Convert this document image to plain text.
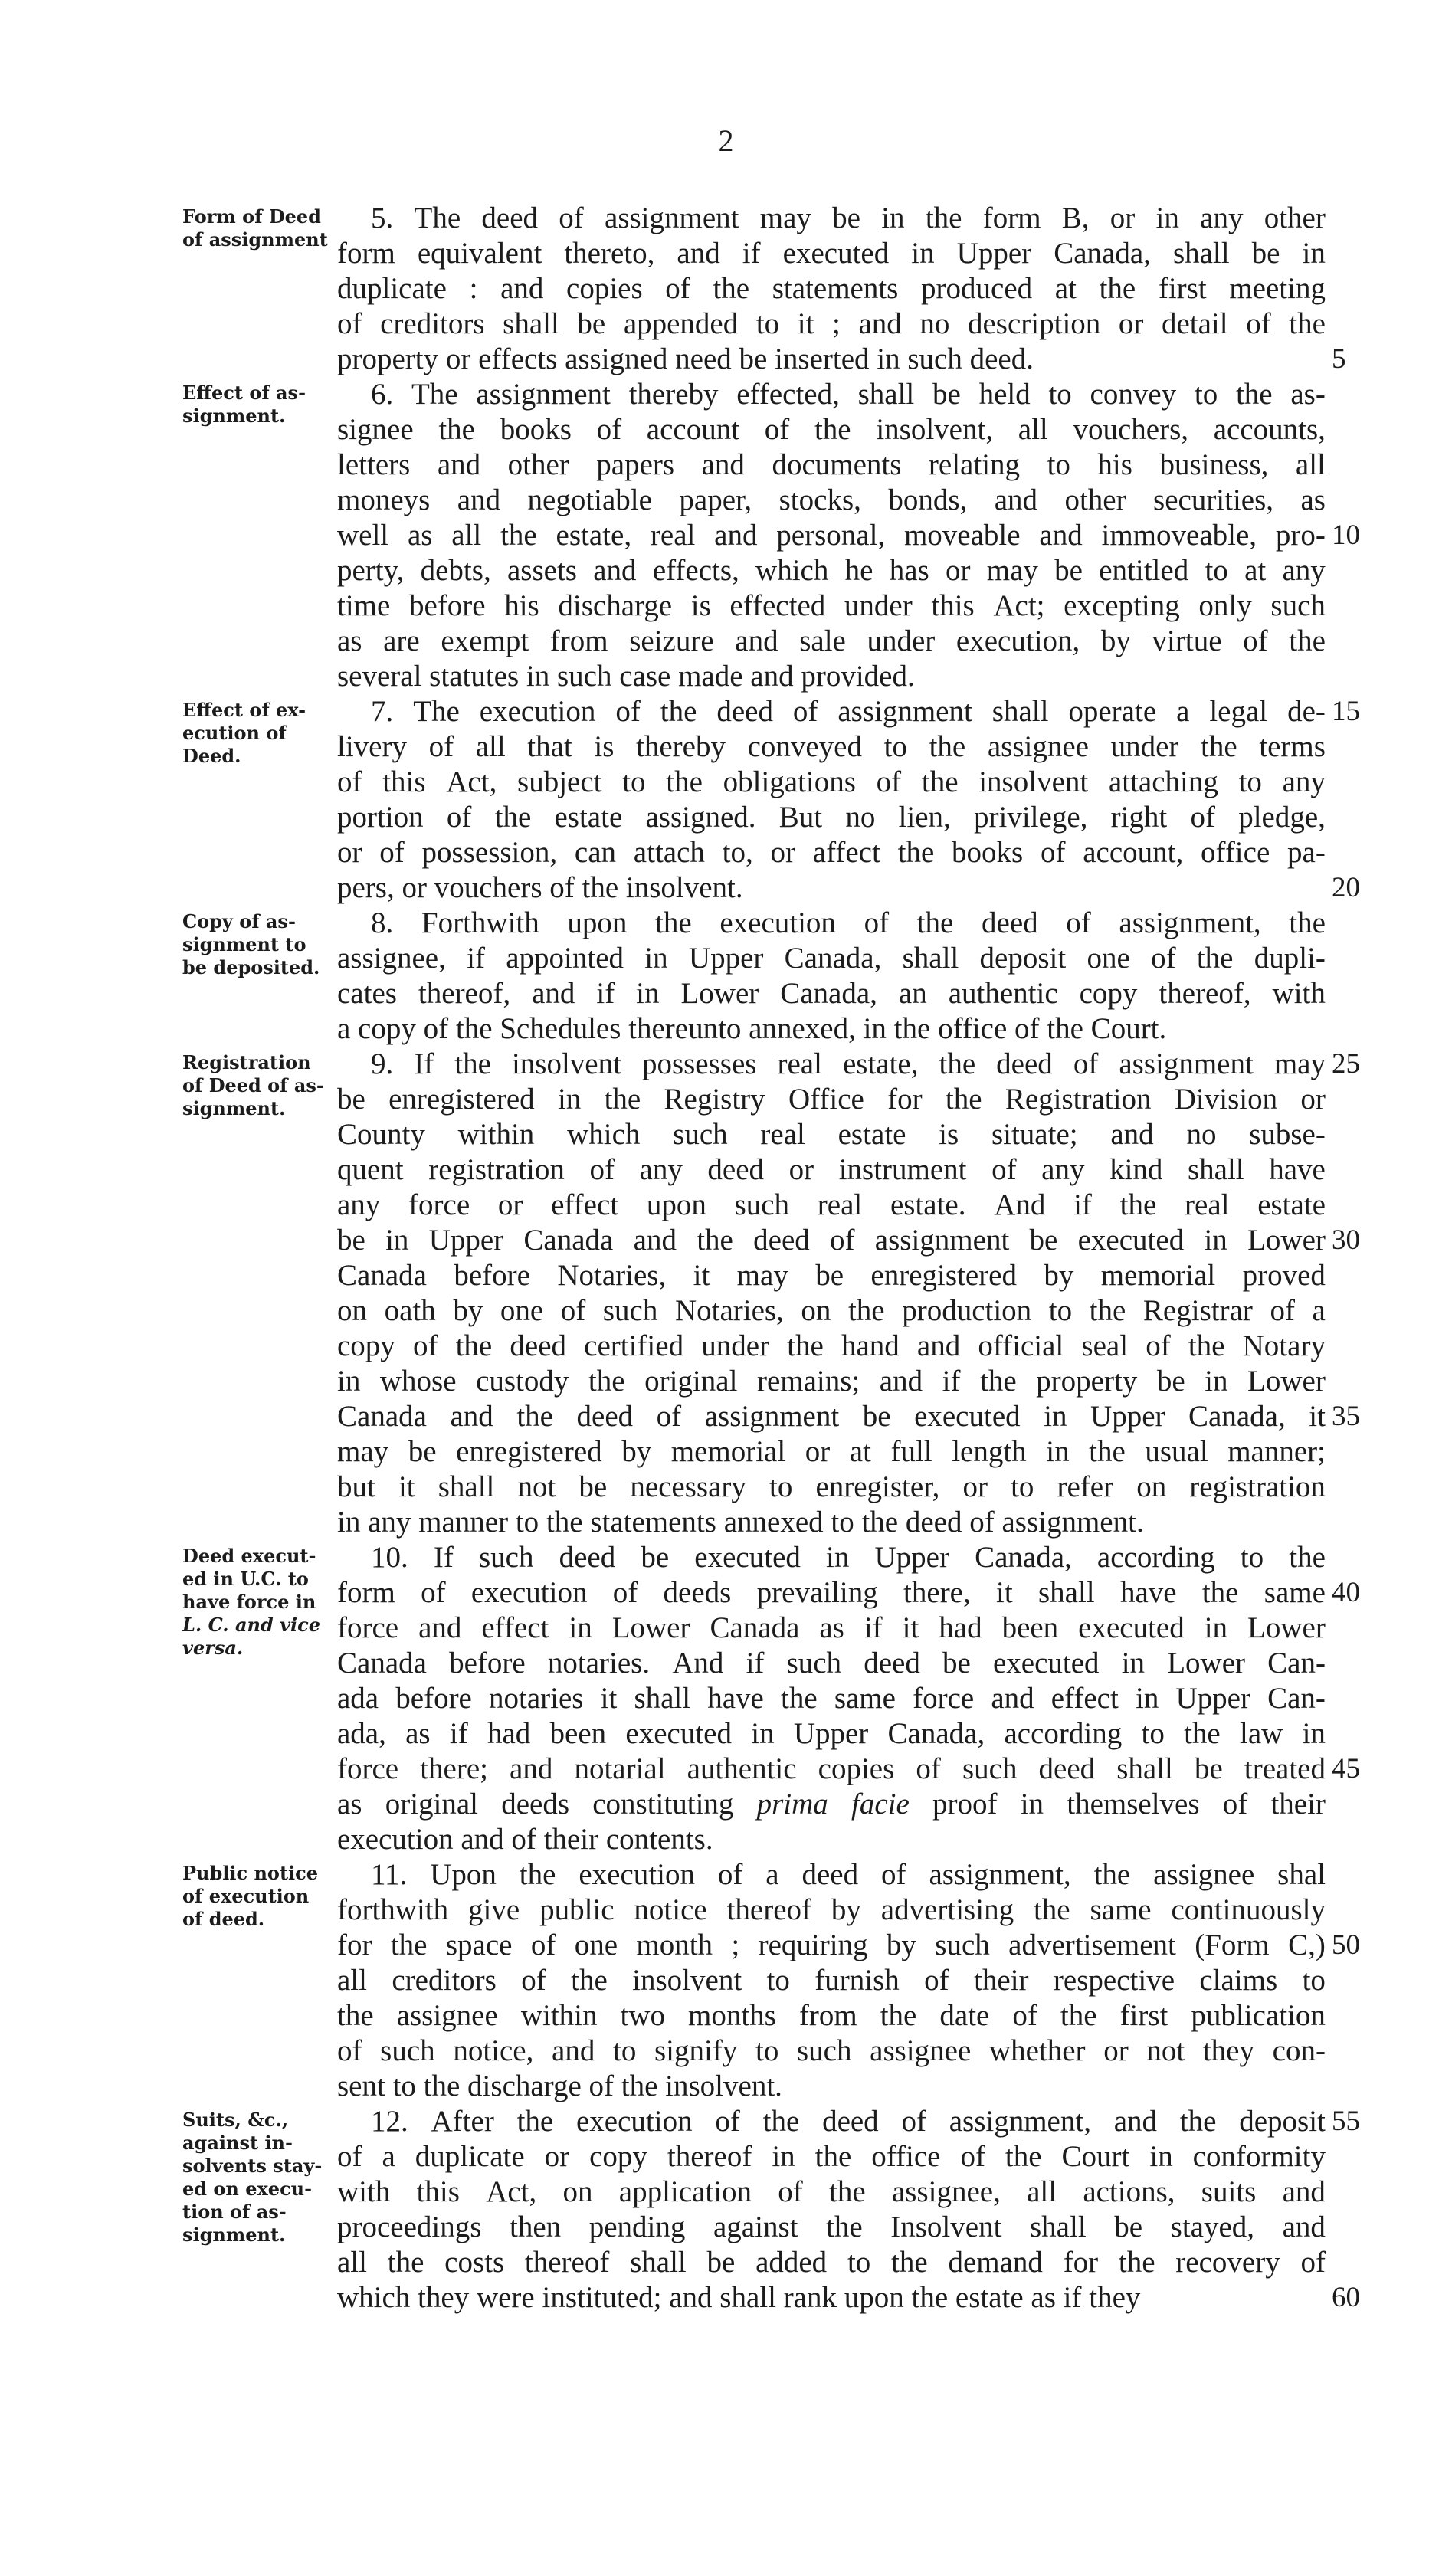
2
Form of Deed
of assignment
5. The deed of assignment may be in the form B, or in any other
form equivalent thereto, and if executed in Upper Canada, shall be in
duplicate : and copies of the statements produced at the first meeting
of creditors shall be appended to it ; and no description or detail of the
property or effects assigned need be inserted in such deed.
Effect of as-
signment.
6. The assignment thereby effected, shall be held to convey to the as-
signee the books of account of the insolvent, all vouchers, accounts,
letters and other papers and documents relating to his business, all
moneys and negotiable paper, stocks, bonds, and other securities, as
well as all the estate, real and personal, moveable and immoveable, pro-
perty, debts, assets and effects, which he has or may be entitled to at any
time before his discharge is effected under this Act; excepting only such
as are exempt from seizure and sale under execution, by virtue of the
several statutes in such case made and provided.
Effect of ex-
ecution of
Deed.
7. The execution of the deed of assignment shall operate a legal de-
livery of all that is thereby conveyed to the assignee under the terms
of this Act, subject to the obligations of the insolvent attaching to any
portion of the estate assigned. But no lien, privilege, right of pledge,
or of possession, can attach to, or affect the books of account, office pa-
pers, or vouchers of the insolvent.
Copy of as-
signment to
be deposited.
8. Forthwith upon the execution of the deed of assignment, the
assignee, if appointed in Upper Canada, shall deposit one of the dupli-
cates thereof, and if in Lower Canada, an authentic copy thereof, with
a copy of the Schedules thereunto annexed, in the office of the Court.
Registration
of Deed of as-
signment.
9. If the insolvent possesses real estate, the deed of assignment may
be enregistered in the Registry Office for the Registration Division or
County within which such real estate is situate; and no subse-
quent registration of any deed or instrument of any kind shall have
any force or effect upon such real estate. And if the real estate
be in Upper Canada and the deed of assignment be executed in Lower
Canada before Notaries, it may be enregistered by memorial proved
on oath by one of such Notaries, on the production to the Registrar of a
copy of the deed certified under the hand and official seal of the Notary
in whose custody the original remains; and if the property be in Lower
Canada and the deed of assignment be executed in Upper Canada, it
may be enregistered by memorial or at full length in the usual manner;
but it shall not be necessary to enregister, or to refer on registration
in any manner to the statements annexed to the deed of assignment.
Deed execut-
ed in U.C. to
have force in
L. C. and vice
versa.
10. If such deed be executed in Upper Canada, according to the
form of execution of deeds prevailing there, it shall have the same
force and effect in Lower Canada as if it had been executed in Lower
Canada before notaries. And if such deed be executed in Lower Can-
ada before notaries it shall have the same force and effect in Upper Can-
ada, as if had been executed in Upper Canada, according to the law in
force there; and notarial authentic copies of such deed shall be treated
as original deeds constituting prima facie proof in themselves of their
execution and of their contents.
Public notice
of execution
of deed.
11. Upon the execution of a deed of assignment, the assignee shal
forthwith give public notice thereof by advertising the same continuously
for the space of one month ; requiring by such advertisement (Form C,)
all creditors of the insolvent to furnish of their respective claims to
the assignee within two months from the date of the first publication
of such notice, and to signify to such assignee whether or not they con-
sent to the discharge of the insolvent.
Suits, &c.,
against in-
solvents stay-
ed on execu-
tion of as-
signment.
12. After the execution of the deed of assignment, and the deposit
of a duplicate or copy thereof in the office of the Court in conformity
with this Act, on application of the assignee, all actions, suits and
proceedings then pending against the Insolvent shall be stayed, and
all the costs thereof shall be added to the demand for the recovery of
which they were instituted; and shall rank upon the estate as if they
5
10
15
20
25
30
35
40
45
50
55
60
